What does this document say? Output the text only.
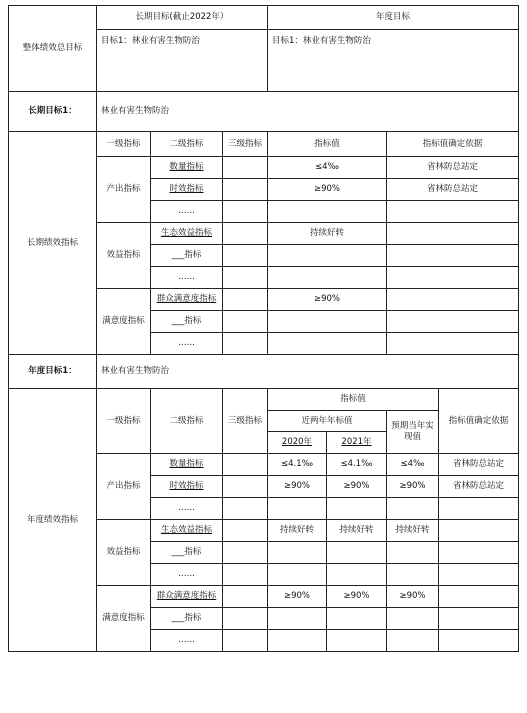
整体绩效总目标	长期目标(截止2022年）			年度目标			
	目标1：林业有害生物防治			目标1：林业有害生物防治			
长期目标1：	林业有害生物防治						
长期绩效指标	一级指标	二级指标	三级指标	指标值		指标值确定依据	
	产出指标	数量指标		≤4‰		省林防总站定	
		时效指标		≥90%		省林防总站定	
		……					
	效益指标	生态效益指标		持续好转			
		___指标					
		……					
	满意度指标	群众满意度指标		≥90%			
		___指标					
		……					
年度目标1：	林业有害生物防治						
年度绩效指标	一级指标	二级指标	三级指标	指标值			指标值确定依据
				近两年年标值		预期当年实现值	
				2020年	2021年		
	产出指标	数量指标		≤4.1‰	≤4.1‰	≤4‰	省林防总站定
		时效指标		≥90%	≥90%	≥90%	省林防总站定
		……					
	效益指标	生态效益指标		持续好转	持续好转	持续好转	
		___指标					
		……					
	满意度指标	群众满意度指标		≥90%	≥90%	≥90%	
		___指标					
		……					
